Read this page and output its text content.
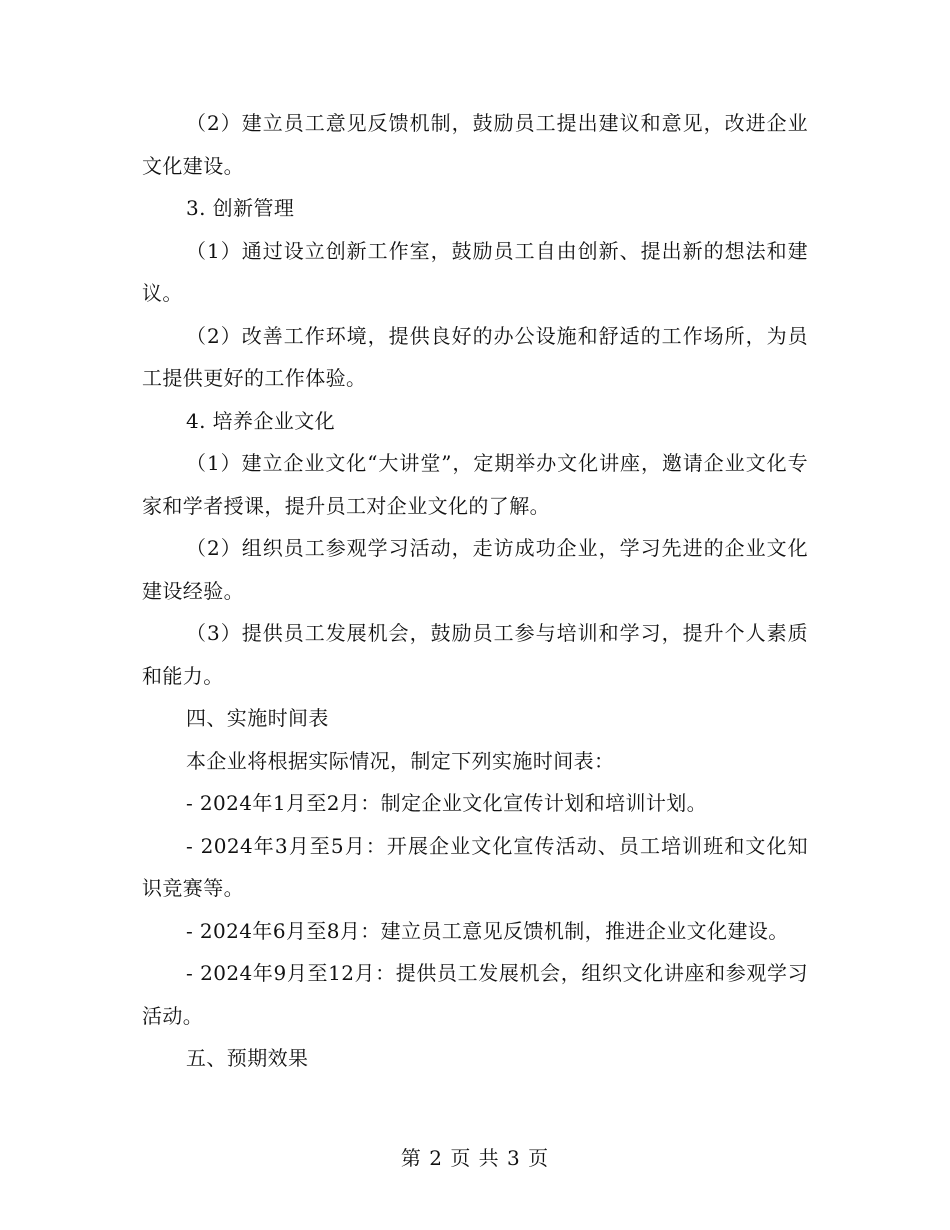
（2）建立员工意见反馈机制，鼓励员工提出建议和意见，改进企业文化建设。

3. 创新管理

（1）通过设立创新工作室，鼓励员工自由创新、提出新的想法和建议。

（2）改善工作环境，提供良好的办公设施和舒适的工作场所，为员工提供更好的工作体验。

4. 培养企业文化

（1）建立企业文化“大讲堂”，定期举办文化讲座，邀请企业文化专家和学者授课，提升员工对企业文化的了解。

（2）组织员工参观学习活动，走访成功企业，学习先进的企业文化建设经验。

（3）提供员工发展机会，鼓励员工参与培训和学习，提升个人素质和能力。

四、实施时间表

本企业将根据实际情况，制定下列实施时间表：

- 2024年1月至2月：制定企业文化宣传计划和培训计划。

- 2024年3月至5月：开展企业文化宣传活动、员工培训班和文化知识竞赛等。

- 2024年6月至8月：建立员工意见反馈机制，推进企业文化建设。

- 2024年9月至12月：提供员工发展机会，组织文化讲座和参观学习活动。

五、预期效果

第 2 页 共 3 页
